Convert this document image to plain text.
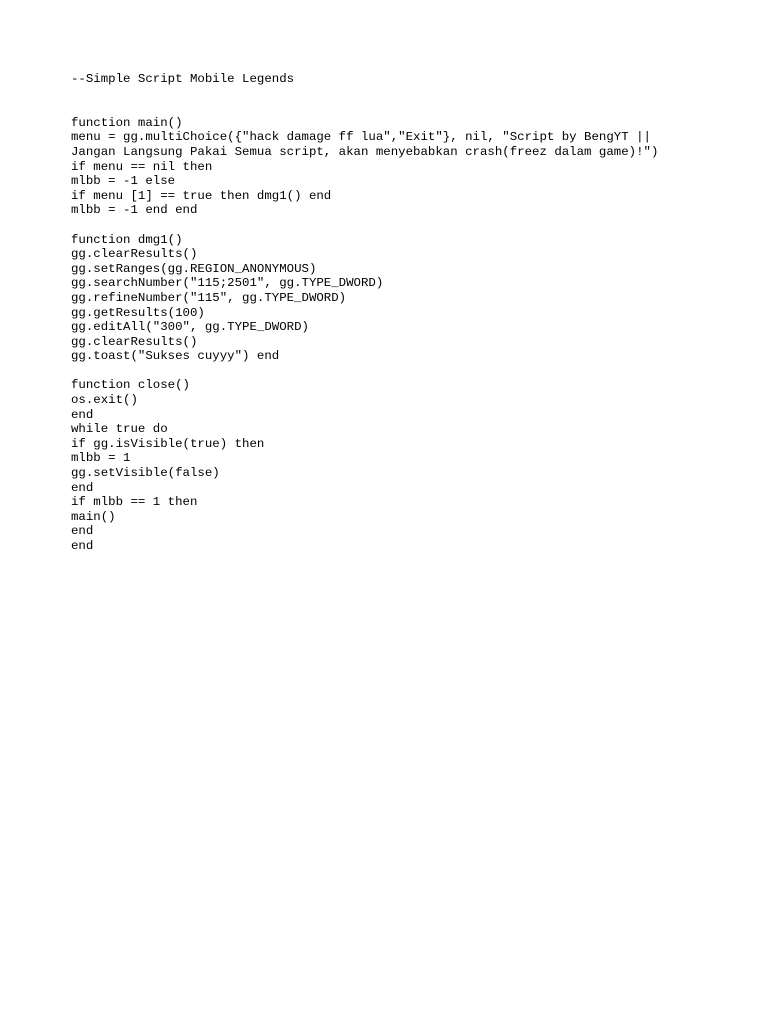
--Simple Script Mobile Legends
function main()
menu = gg.multiChoice({"hack damage ff lua","Exit"}, nil, "Script by BengYT ||
Jangan Langsung Pakai Semua script, akan menyebabkan crash(freez dalam game)!")
if menu == nil then
mlbb = -1 else
if menu [1] == true then dmg1() end
mlbb = -1 end end
function dmg1()
gg.clearResults()
gg.setRanges(gg.REGION_ANONYMOUS)
gg.searchNumber("115;2501", gg.TYPE_DWORD)
gg.refineNumber("115", gg.TYPE_DWORD)
gg.getResults(100)
gg.editAll("300", gg.TYPE_DWORD)
gg.clearResults()
gg.toast("Sukses cuyyy") end
function close()
os.exit()
end
while true do
if gg.isVisible(true) then
mlbb = 1
gg.setVisible(false)
end
if mlbb == 1 then
main()
end
end
